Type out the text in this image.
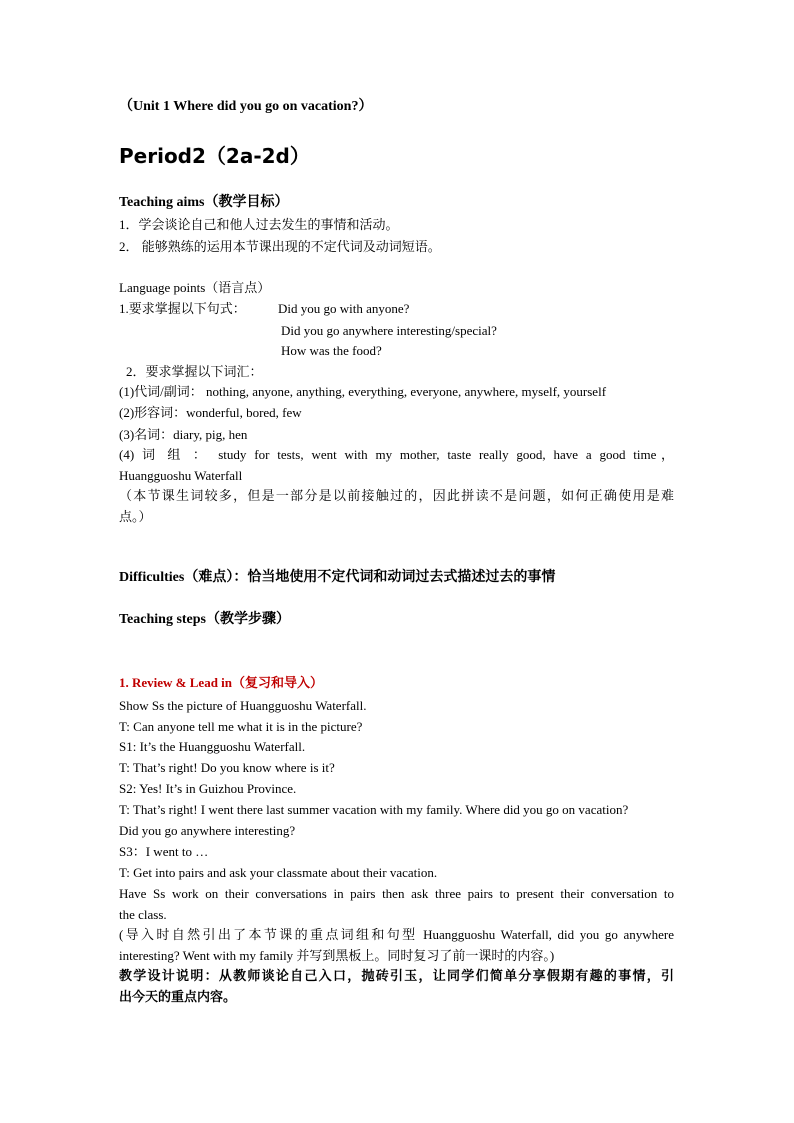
（Unit 1 Where did you go on vacation?）
Period2（2a-2d）
Teaching aims（教学目标）
1．学会谈论自己和他人过去发生的事情和活动。
2． 能够熟练的运用本节课出现的不定代词及动词短语。
Language points（语言点）
1.要求掌握以下句式： Did you go with anyone?
Did you go anywhere interesting/special?
How was the food?
2．要求掌握以下词汇：
(1)代词/副词： nothing, anyone, anything, everything, everyone, anywhere, myself, yourself
(2)形容词：wonderful, bored, few
(3)名词：diary, pig, hen
(4) 词 组 ： study for tests, went with my mother, taste really good, have a good time，
Huangguoshu Waterfall
（本节课生词较多，但是一部分是以前接触过的，因此拼读不是问题，如何正确使用是难
点。）
Difficulties（难点）：恰当地使用不定代词和动词过去式描述过去的事情
Teaching steps（教学步骤）
1. Review & Lead in（复习和导入）
Show Ss the picture of Huangguoshu Waterfall.
T: Can anyone tell me what it is in the picture?
S1: It’s the Huangguoshu Waterfall.
T: That’s right! Do you know where is it?
S2: Yes! It’s in Guizhou Province.
T: That’s right! I went there last summer vacation with my family. Where did you go on vacation?
Did you go anywhere interesting?
S3：I went to …
T: Get into pairs and ask your classmate about their vacation.
Have Ss work on their conversations in pairs then ask three pairs to present their conversation to
the class.
(导入时自然引出了本节课的重点词组和句型 Huangguoshu Waterfall, did you go anywhere
interesting? Went with my family 并写到黑板上。同时复习了前一课时的内容。)
教学设计说明：从教师谈论自己入口，抛砖引玉，让同学们简单分享假期有趣的事情，引
出今天的重点内容。
